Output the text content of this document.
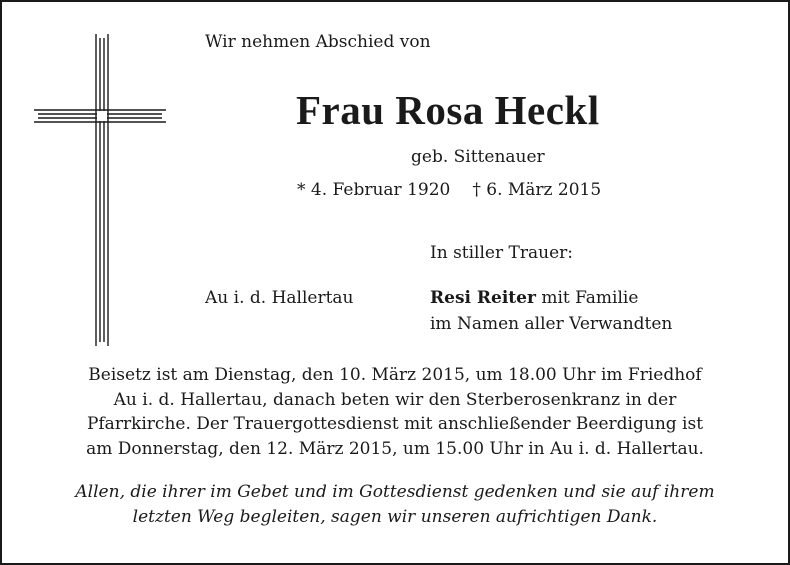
Wir nehmen Abschied von
Frau Rosa Heckl
geb. Sittenauer
* 4. Februar 1920 † 6. März 2015
In stiller Trauer:
Au i. d. Hallertau	Resi Reiter mit Familie
im Namen aller Verwandten
Beisetz ist am Dienstag, den 10. März 2015, um 18.00 Uhr im Friedhof
Au i. d. Hallertau, danach beten wir den Sterberosenkranz in der
Pfarrkirche. Der Trauergottesdienst mit anschließender Beerdigung ist
am Donnerstag, den 12. März 2015, um 15.00 Uhr in Au i. d. Hallertau.
Allen, die ihrer im Gebet und im Gottesdienst gedenken und sie auf ihrem
letzten Weg begleiten, sagen wir unseren aufrichtigen Dank.
